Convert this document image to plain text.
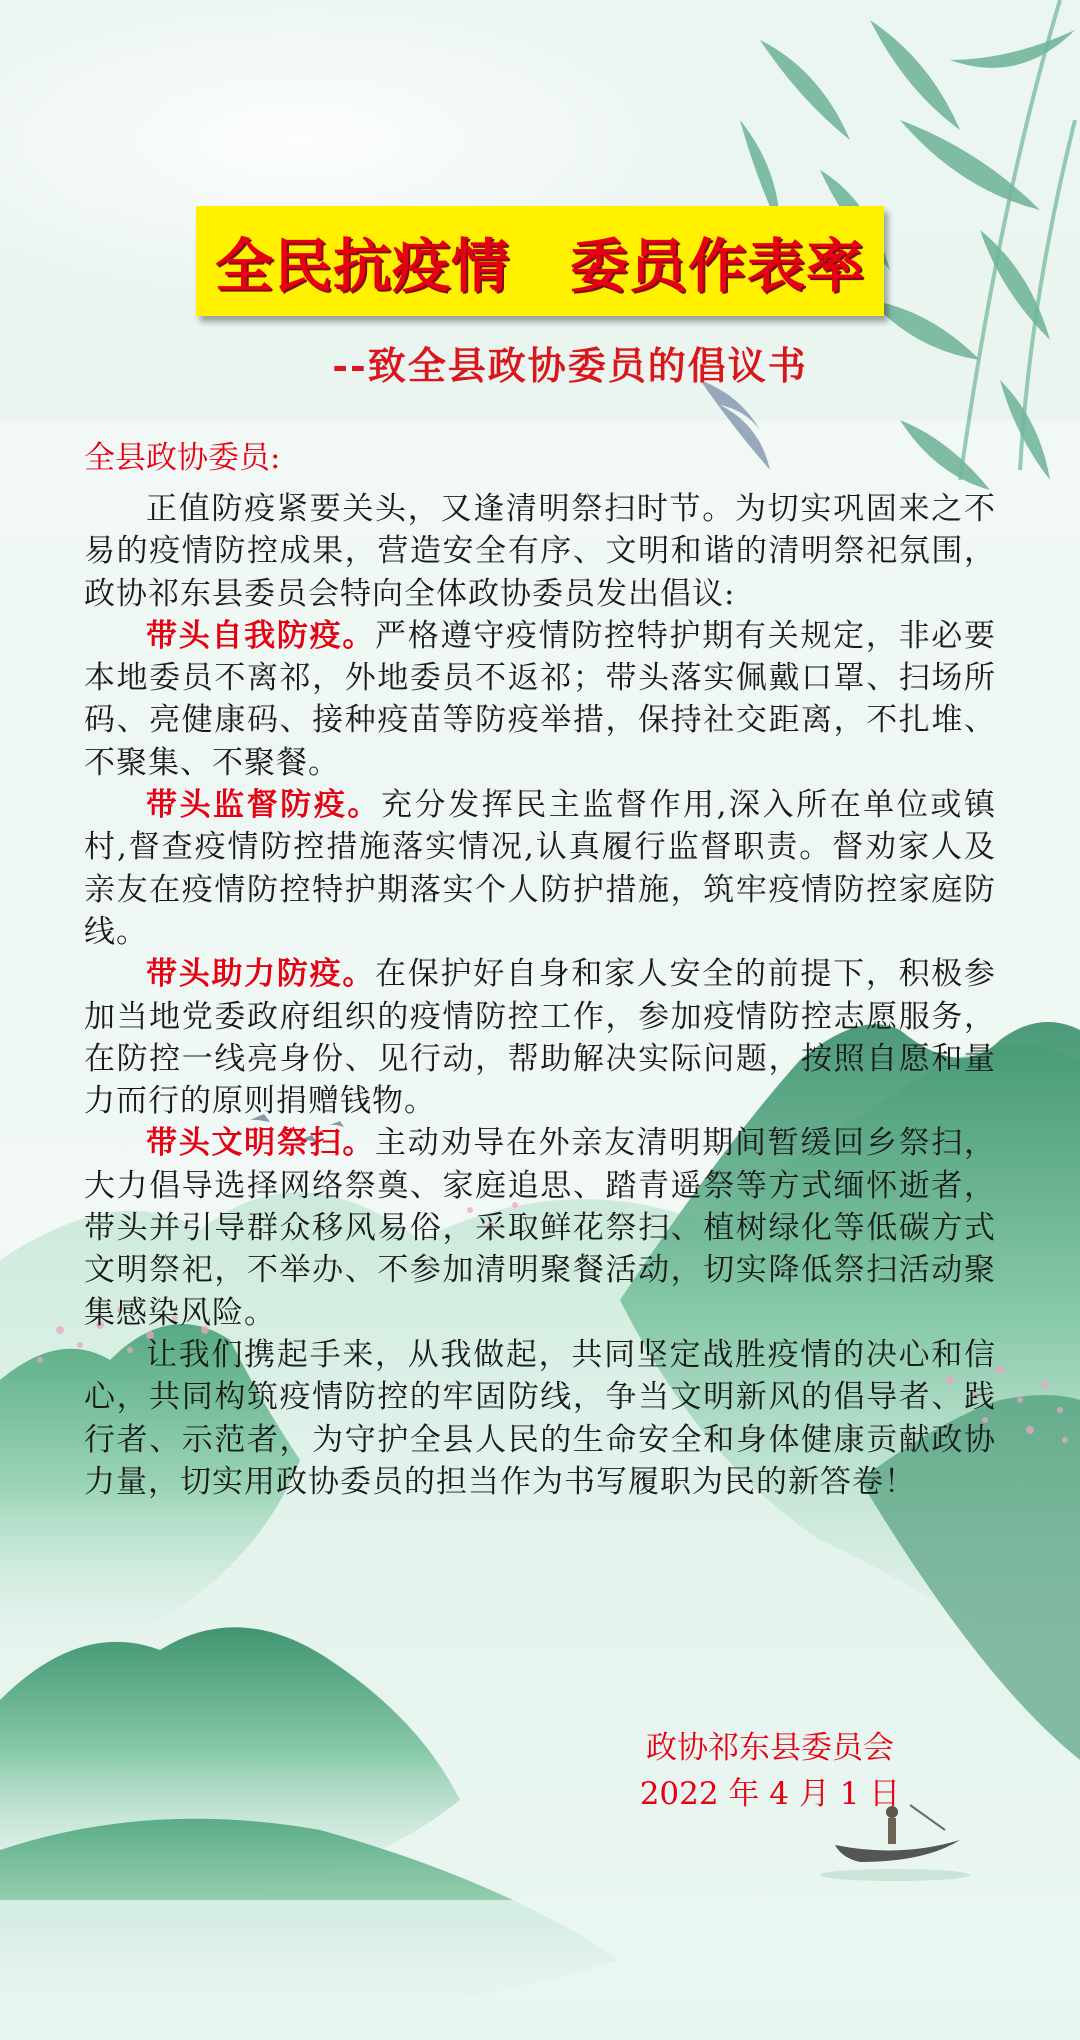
全民抗疫情 委员作表率
--致全县政协委员的倡议书
全县政协委员:

正值防疫紧要关头，又逢清明祭扫时节。为切实巩固来之不易的疫情防控成果，营造安全有序、文明和谐的清明祭祀氛围，政协祁东县委员会特向全体政协委员发出倡议:

带头自我防疫。严格遵守疫情防控特护期有关规定，非必要本地委员不离祁，外地委员不返祁；带头落实佩戴口罩、扫场所码、亮健康码、接种疫苗等防疫举措，保持社交距离，不扎堆、不聚集、不聚餐。

带头监督防疫。充分发挥民主监督作用,深入所在单位或镇村,督查疫情防控措施落实情况,认真履行监督职责。督劝家人及亲友在疫情防控特护期落实个人防护措施，筑牢疫情防控家庭防线。

带头助力防疫。在保护好自身和家人安全的前提下，积极参加当地党委政府组织的疫情防控工作，参加疫情防控志愿服务，在防控一线亮身份、见行动，帮助解决实际问题，按照自愿和量力而行的原则捐赠钱物。

带头文明祭扫。主动劝导在外亲友清明期间暂缓回乡祭扫，大力倡导选择网络祭奠、家庭追思、踏青遥祭等方式缅怀逝者，带头并引导群众移风易俗，采取鲜花祭扫、植树绿化等低碳方式文明祭祀，不举办、不参加清明聚餐活动，切实降低祭扫活动聚集感染风险。

让我们携起手来，从我做起，共同坚定战胜疫情的决心和信心，共同构筑疫情防控的牢固防线，争当文明新风的倡导者、践行者、示范者，为守护全县人民的生命安全和身体健康贡献政协力量，切实用政协委员的担当作为书写履职为民的新答卷！

政协祁东县委员会
2022 年 4 月 1 日
